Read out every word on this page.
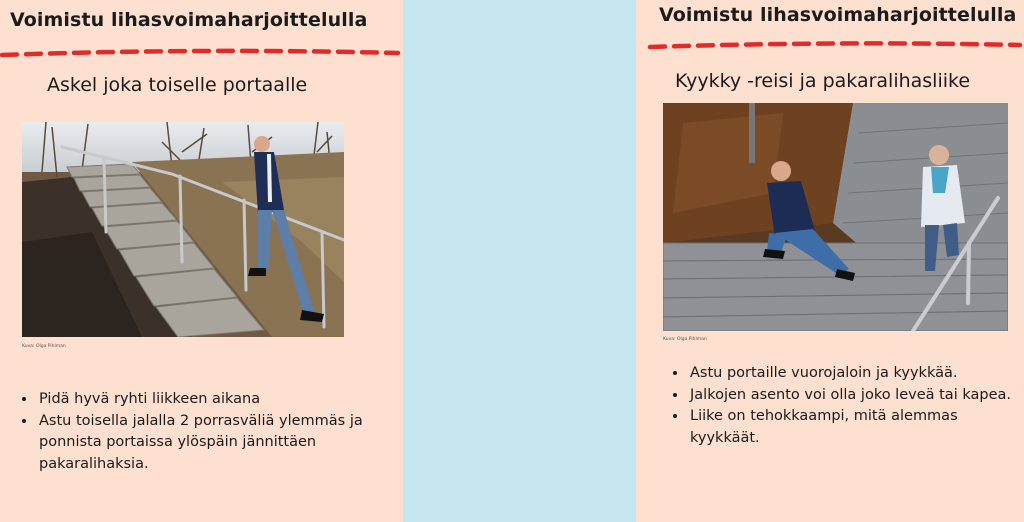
Voimistu lihasvoimaharjoittelulla
Askel joka toiselle portaalle
Kuva: Olga Pihlman
• Pidä hyvä ryhti liikkeen aikana
• Astu toisella jalalla 2 porrasväliä ylemmäs ja ponnista portaissa ylöspäin jännittäen pakaralihaksia.
Voimistu lihasvoimaharjoittelulla
Kyykky -reisi ja pakaralihasliike
Kuva: Olga Pihlman
• Astu portaille vuorojaloin ja kyykkää.
• Jalkojen asento voi olla joko leveä tai kapea.
• Liike on tehokkaampi, mitä alemmas kyykkäät.
